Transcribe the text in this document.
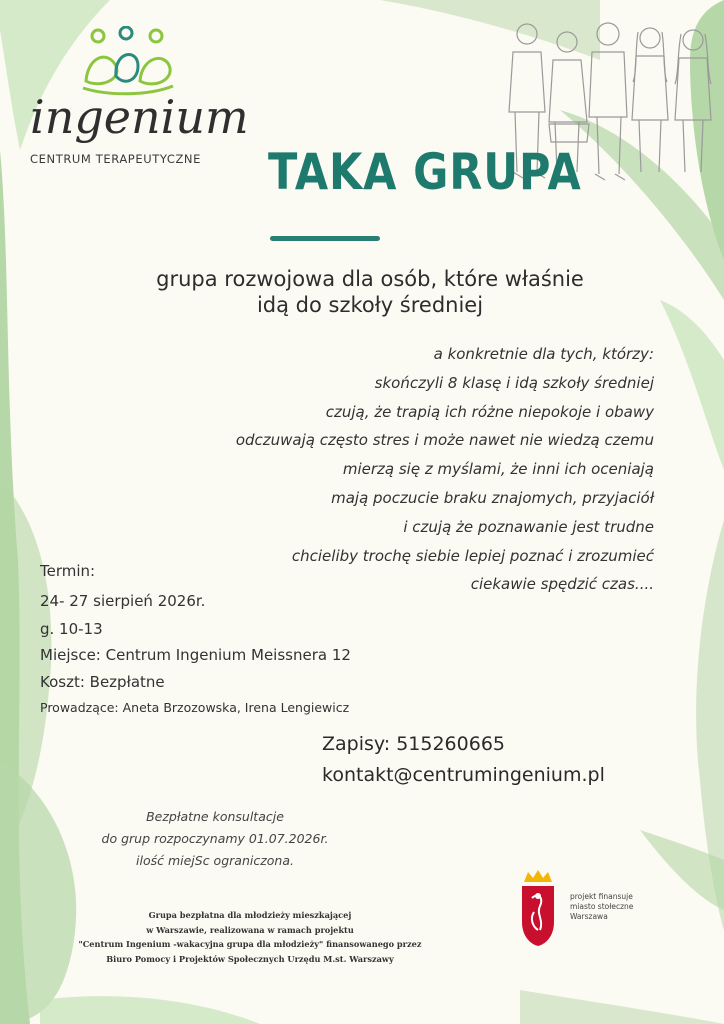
ingenium
CENTRUM TERAPEUTYCZNE TAKA GRUPA
grupa rozwojowa dla osób, które właśnie
idą do szkoły średniej
a konkretnie dla tych, którzy:
skończyli 8 klasę i idą szkoły średniej
czują, że trapią ich różne niepokoje i obawy
odczuwają często stres i może nawet nie wiedzą czemu
mierzą się z myślami, że inni ich oceniają
mają poczucie braku znajomych, przyjaciół
i czują że poznawanie jest trudne
chcieliby trochę siebie lepiej poznać i zrozumieć
ciekawie spędzić czas....
Termin:
24- 27 sierpień 2026r.
g. 10-13
Miejsce: Centrum Ingenium Meissnera 12
Koszt: Bezpłatne
Prowadzące: Aneta Brzozowska, Irena Lengiewicz
Zapisy: 515260665
kontakt@centrumingenium.pl
Bezpłatne konsultacje
do grup rozpoczynamy 01.07.2026r.
ilość miejSc ograniczona.
Grupa bezpłatna dla młodzieży mieszkającej
w Warszawie, realizowana w ramach projektu
"Centrum Ingenium -wakacyjna grupa dla młodzieży" finansowanego przez
Biuro Pomocy i Projektów Społecznych Urzędu M.st. Warszawy
projekt finansuje
miasto stołeczne
Warszawa
